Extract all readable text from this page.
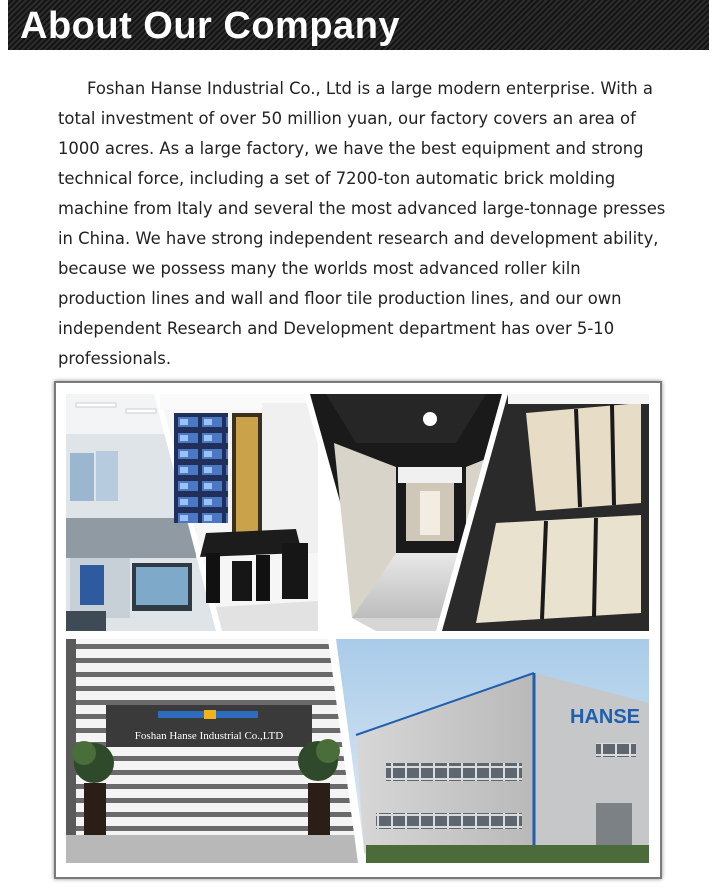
About Our Company

Foshan Hanse Industrial Co., Ltd is a large modern enterprise. With a total investment of over 50 million yuan, our factory covers an area of 1000 acres. As a large factory, we have the best equipment and strong technical force, including a set of 7200-ton automatic brick molding machine from Italy and several the most advanced large-tonnage presses in China. We have strong independent research and development ability, because we possess many the worlds most advanced roller kiln production lines and wall and floor tile production lines, and our own independent Research and Development department has over 5-10 professionals.

Foshan Hanse Industrial Co.,LTD
HANSE
